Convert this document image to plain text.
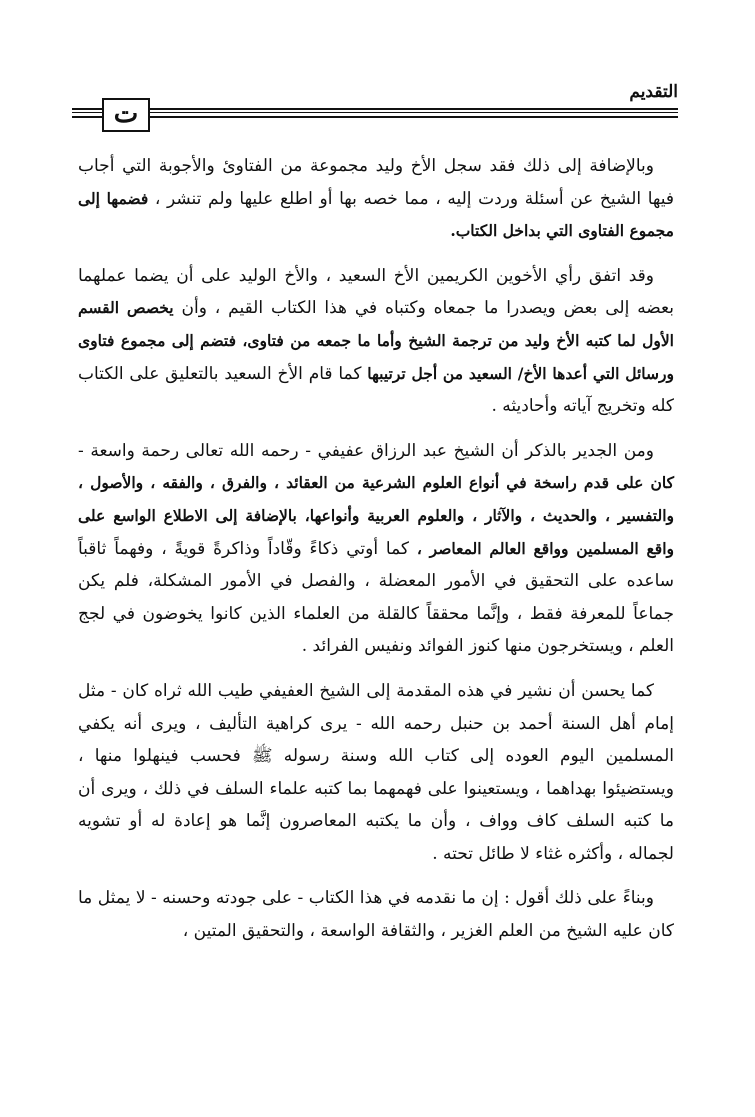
ت
التقديم

وبالإضافة إلى ذلك فقد سجل الأخ وليد مجموعة من الفتاوئ والأجوبة التي أجاب فيها الشيخ عن أسئلة وردت إليه ، مما خصه بها أو اطلع عليها ولم تنشر ، فضمها إلى مجموع الفتاوى التي بداخل الكتاب.

وقد اتفق رأي الأخوين الكريمين الأخ السعيد ، والأخ الوليد على أن يضما عملهما بعضه إلى بعض ويصدرا ما جمعاه وكتباه في هذا الكتاب القيم ، وأن يخصص القسم الأول لما كتبه الأخ وليد من ترجمة الشيخ وأما ما جمعه من فتاوى، فتضم إلى مجموع فتاوى ورسائل التي أعدها الأخ/ السعيد من أجل ترتيبها كما قام الأخ السعيد بالتعليق على الكتاب كله وتخريج آياته وأحاديثه .

ومن الجدير بالذكر أن الشيخ عبد الرزاق عفيفي - رحمه الله تعالى رحمة واسعة - كان على قدم راسخة في أنواع العلوم الشرعية من العقائد ، والفرق ، والفقه ، والأصول ، والتفسير ، والحديث ، والآثار ، والعلوم العربية وأنواعها، بالإضافة إلى الاطلاع الواسع على واقع المسلمين وواقع العالم المعاصر ، كما أوتي ذكاءً وقّاداً وذاكرةً قويةً ، وفهماً ثاقباً ساعده على التحقيق في الأمور المعضلة ، والفصل في الأمور المشكلة، فلم يكن جماعاً للمعرفة فقط ، وإنَّما محققاً كالقلة من العلماء الذين كانوا يخوضون في لجج العلم ، ويستخرجون منها كنوز الفوائد ونفيس الفرائد .

كما يحسن أن نشير في هذه المقدمة إلى الشيخ العفيفي طيب الله ثراه كان - مثل إمام أهل السنة أحمد بن حنبل رحمه الله - يرى كراهية التأليف ، ويرى أنه يكفي المسلمين اليوم العوده إلى كتاب الله وسنة رسوله ﷺ فحسب فينهلوا منها ، ويستضيئوا بهداهما ، ويستعينوا على فهمهما بما كتبه علماء السلف في ذلك ، ويرى أن ما كتبه السلف كاف وواف ، وأن ما يكتبه المعاصرون إنَّما هو إعادة له أو تشويه لجماله ، وأكثره غثاء لا طائل تحته .

وبناءً على ذلك أقول : إن ما نقدمه في هذا الكتاب - على جودته وحسنه - لا يمثل ما كان عليه الشيخ من العلم الغزير ، والثقافة الواسعة ، والتحقيق المتين ،
